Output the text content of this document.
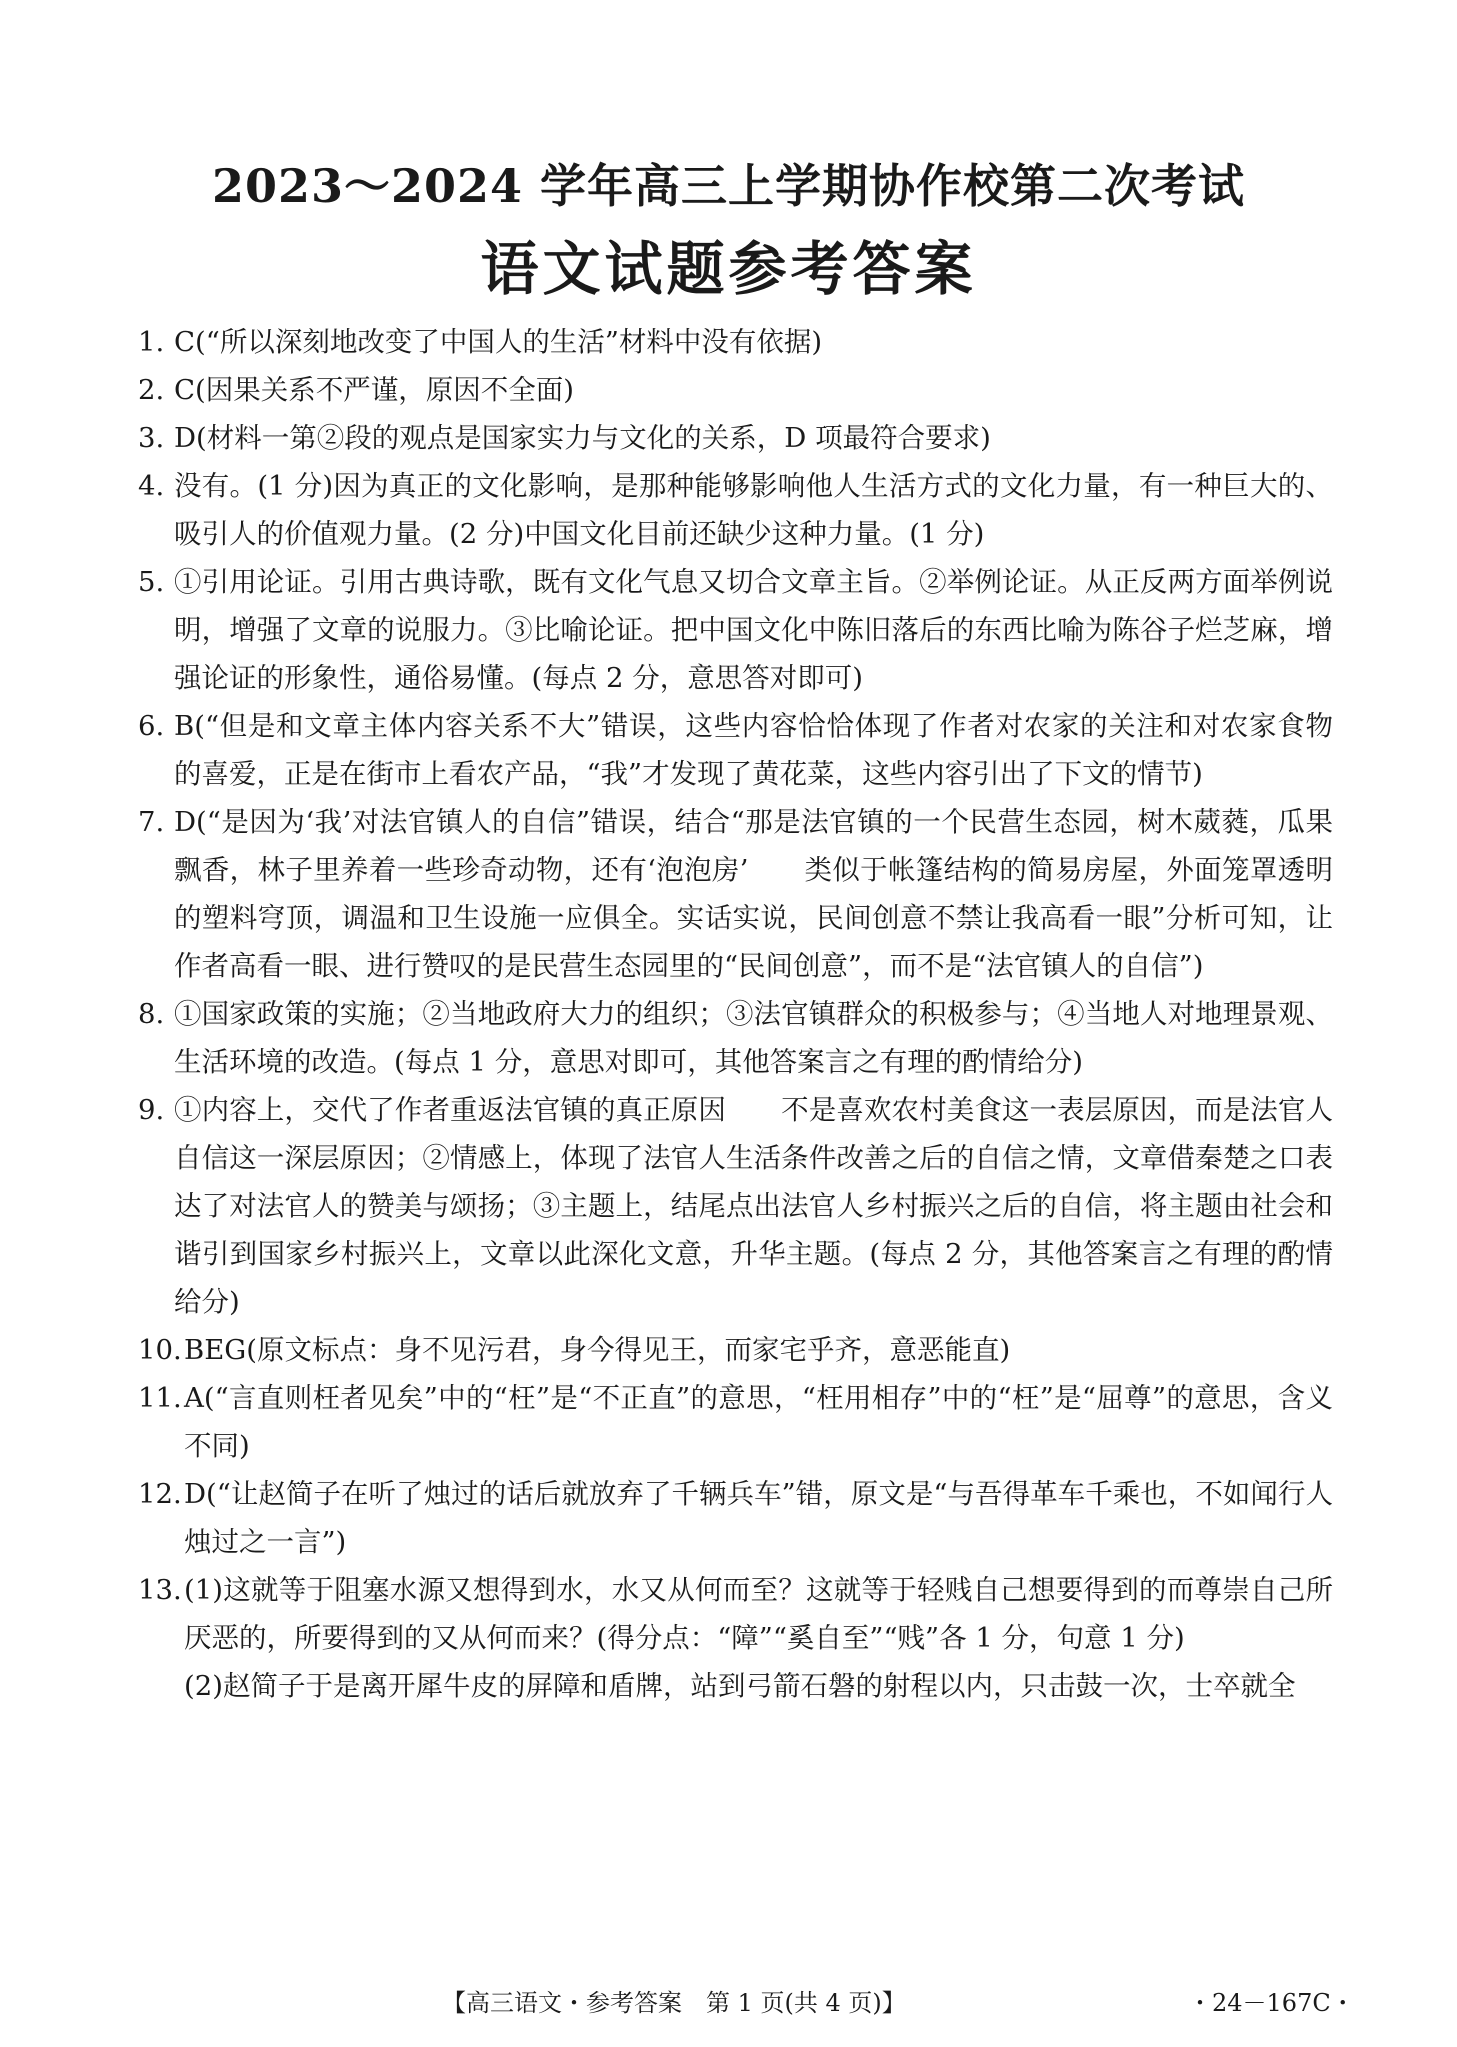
2023～2024 学年高三上学期协作校第二次考试
语文试题参考答案

1. C(“所以深刻地改变了中国人的生活”材料中没有依据)

2. C(因果关系不严谨，原因不全面)

3. D(材料一第②段的观点是国家实力与文化的关系，D 项最符合要求)

4. 没有。(1 分)因为真正的文化影响，是那种能够影响他人生活方式的文化力量，有一种巨大的、吸引人的价值观力量。(2 分)中国文化目前还缺少这种力量。(1 分)

5. ①引用论证。引用古典诗歌，既有文化气息又切合文章主旨。②举例论证。从正反两方面举例说明，增强了文章的说服力。③比喻论证。把中国文化中陈旧落后的东西比喻为陈谷子烂芝麻，增强论证的形象性，通俗易懂。(每点 2 分，意思答对即可)

6. B(“但是和文章主体内容关系不大”错误，这些内容恰恰体现了作者对农家的关注和对农家食物的喜爱，正是在街市上看农产品，“我”才发现了黄花菜，这些内容引出了下文的情节)

7. D(“是因为‘我’对法官镇人的自信”错误，结合“那是法官镇的一个民营生态园，树木葳蕤，瓜果飘香，林子里养着一些珍奇动物，还有‘泡泡房’　　类似于帐篷结构的简易房屋，外面笼罩透明的塑料穹顶，调温和卫生设施一应俱全。实话实说，民间创意不禁让我高看一眼”分析可知，让作者高看一眼、进行赞叹的是民营生态园里的“民间创意”，而不是“法官镇人的自信”)

8. ①国家政策的实施；②当地政府大力的组织；③法官镇群众的积极参与；④当地人对地理景观、生活环境的改造。(每点 1 分，意思对即可，其他答案言之有理的酌情给分)

9. ①内容上，交代了作者重返法官镇的真正原因　　不是喜欢农村美食这一表层原因，而是法官人自信这一深层原因；②情感上，体现了法官人生活条件改善之后的自信之情，文章借秦楚之口表达了对法官人的赞美与颂扬；③主题上，结尾点出法官人乡村振兴之后的自信，将主题由社会和谐引到国家乡村振兴上，文章以此深化文意，升华主题。(每点 2 分，其他答案言之有理的酌情给分)

10. BEG(原文标点：身不见污君，身今得见王，而家宅乎齐，意恶能直)

11. A(“言直则枉者见矣”中的“枉”是“不正直”的意思，“枉用相存”中的“枉”是“屈尊”的意思，含义不同)

12. D(“让赵简子在听了烛过的话后就放弃了千辆兵车”错，原文是“与吾得革车千乘也，不如闻行人烛过之一言”)

13. (1)这就等于阻塞水源又想得到水，水又从何而至？这就等于轻贱自己想要得到的而尊崇自己所厌恶的，所要得到的又从何而来？(得分点：“障”“奚自至”“贱”各 1 分，句意 1 分)

(2)赵简子于是离开犀牛皮的屏障和盾牌，站到弓箭石磐的射程以内，只击鼓一次，士卒就全

【高三语文・参考答案　第 1 页(共 4 页)】	・24－167C・
